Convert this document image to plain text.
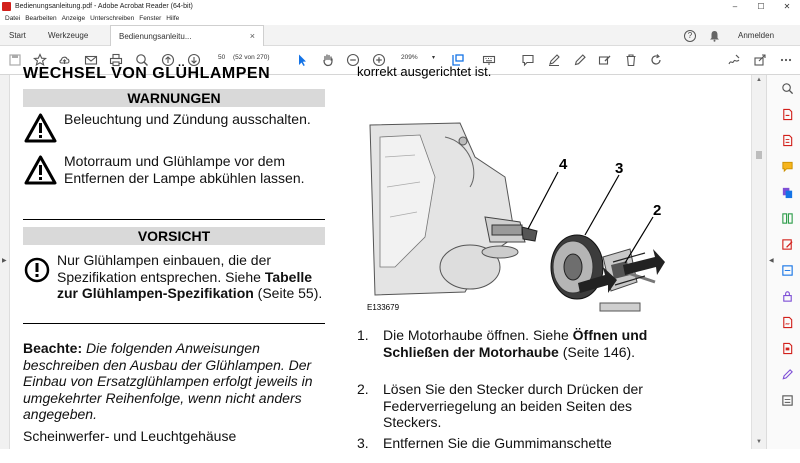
Bedienungsanleitung.pdf - Adobe Acrobat Reader (64-bit)	–	☐	✕
Datei Bearbeiten Anzeige Unterschreiben Fenster Hilfe
Start	Werkzeuge	Bedienungsanleitu...	×	?	Anmelden
50 (52 von 270)	209% ▾
WECHSEL VON GLÜHLAMPEN	korrekt ausgerichtet ist.
WARNUNGEN
Beleuchtung und Zündung ausschalten.
Motorraum und Glühlampe vor dem Entfernen der Lampe abkühlen lassen.
VORSICHT
Nur Glühlampen einbauen, die der Spezifikation entsprechen. Siehe Tabelle zur Glühlampen-Spezifikation (Seite 55).
Beachte: Die folgenden Anweisungen beschreiben den Ausbau der Glühlampen. Der Einbau von Ersatzglühlampen erfolgt jeweils in umgekehrter Reihenfolge, wenn nicht anders angegeben.
Scheinwerfer- und Leuchtgehäuse
4	3
2
E133679
1. Die Motorhaube öffnen. Siehe Öffnen und Schließen der Motorhaube (Seite 146).
2. Lösen Sie den Stecker durch Drücken der Federverriegelung an beiden Seiten des Steckers.
3. Entfernen Sie die Gummimanschette
▶
▲
▼
◀
